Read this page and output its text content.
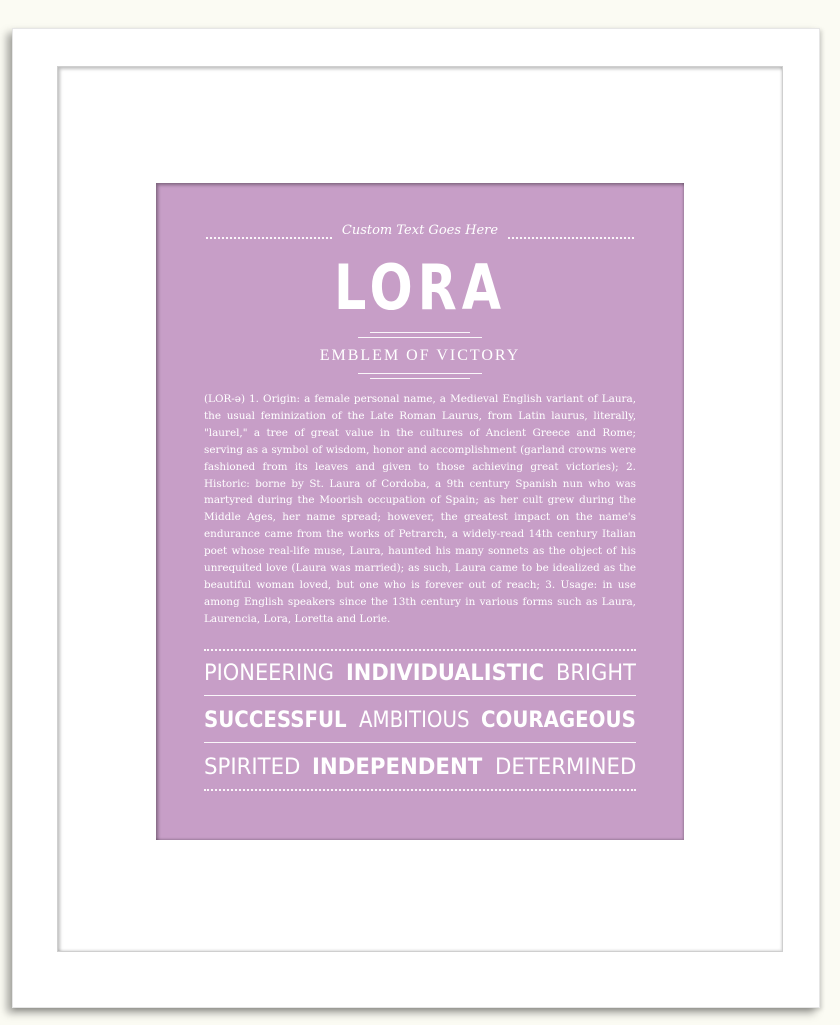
Custom Text Goes Here
LORA
EMBLEM OF VICTORY
(LOR-ə) 1. Origin: a female personal name, a Medieval English variant of Laura, the usual feminization of the Late Roman Laurus, from Latin laurus, literally, "laurel," a tree of great value in the cultures of Ancient Greece and Rome; serving as a symbol of wisdom, honor and accomplishment (garland crowns were fashioned from its leaves and given to those achieving great victories); 2. Historic: borne by St. Laura of Cordoba, a 9th century Spanish nun who was martyred during the Moorish occupation of Spain; as her cult grew during the Middle Ages, her name spread; however, the greatest impact on the name's endurance came from the works of Petrarch, a widely-read 14th century Italian poet whose real-life muse, Laura, haunted his many sonnets as the object of his unrequited love (Laura was married); as such, Laura came to be idealized as the beautiful woman loved, but one who is forever out of reach; 3. Usage: in use among English speakers since the 13th century in various forms such as Laura, Laurencia, Lora, Loretta and Lorie.
PIONEERING INDIVIDUALISTIC BRIGHT
SUCCESSFUL AMBITIOUS COURAGEOUS
SPIRITED INDEPENDENT DETERMINED
